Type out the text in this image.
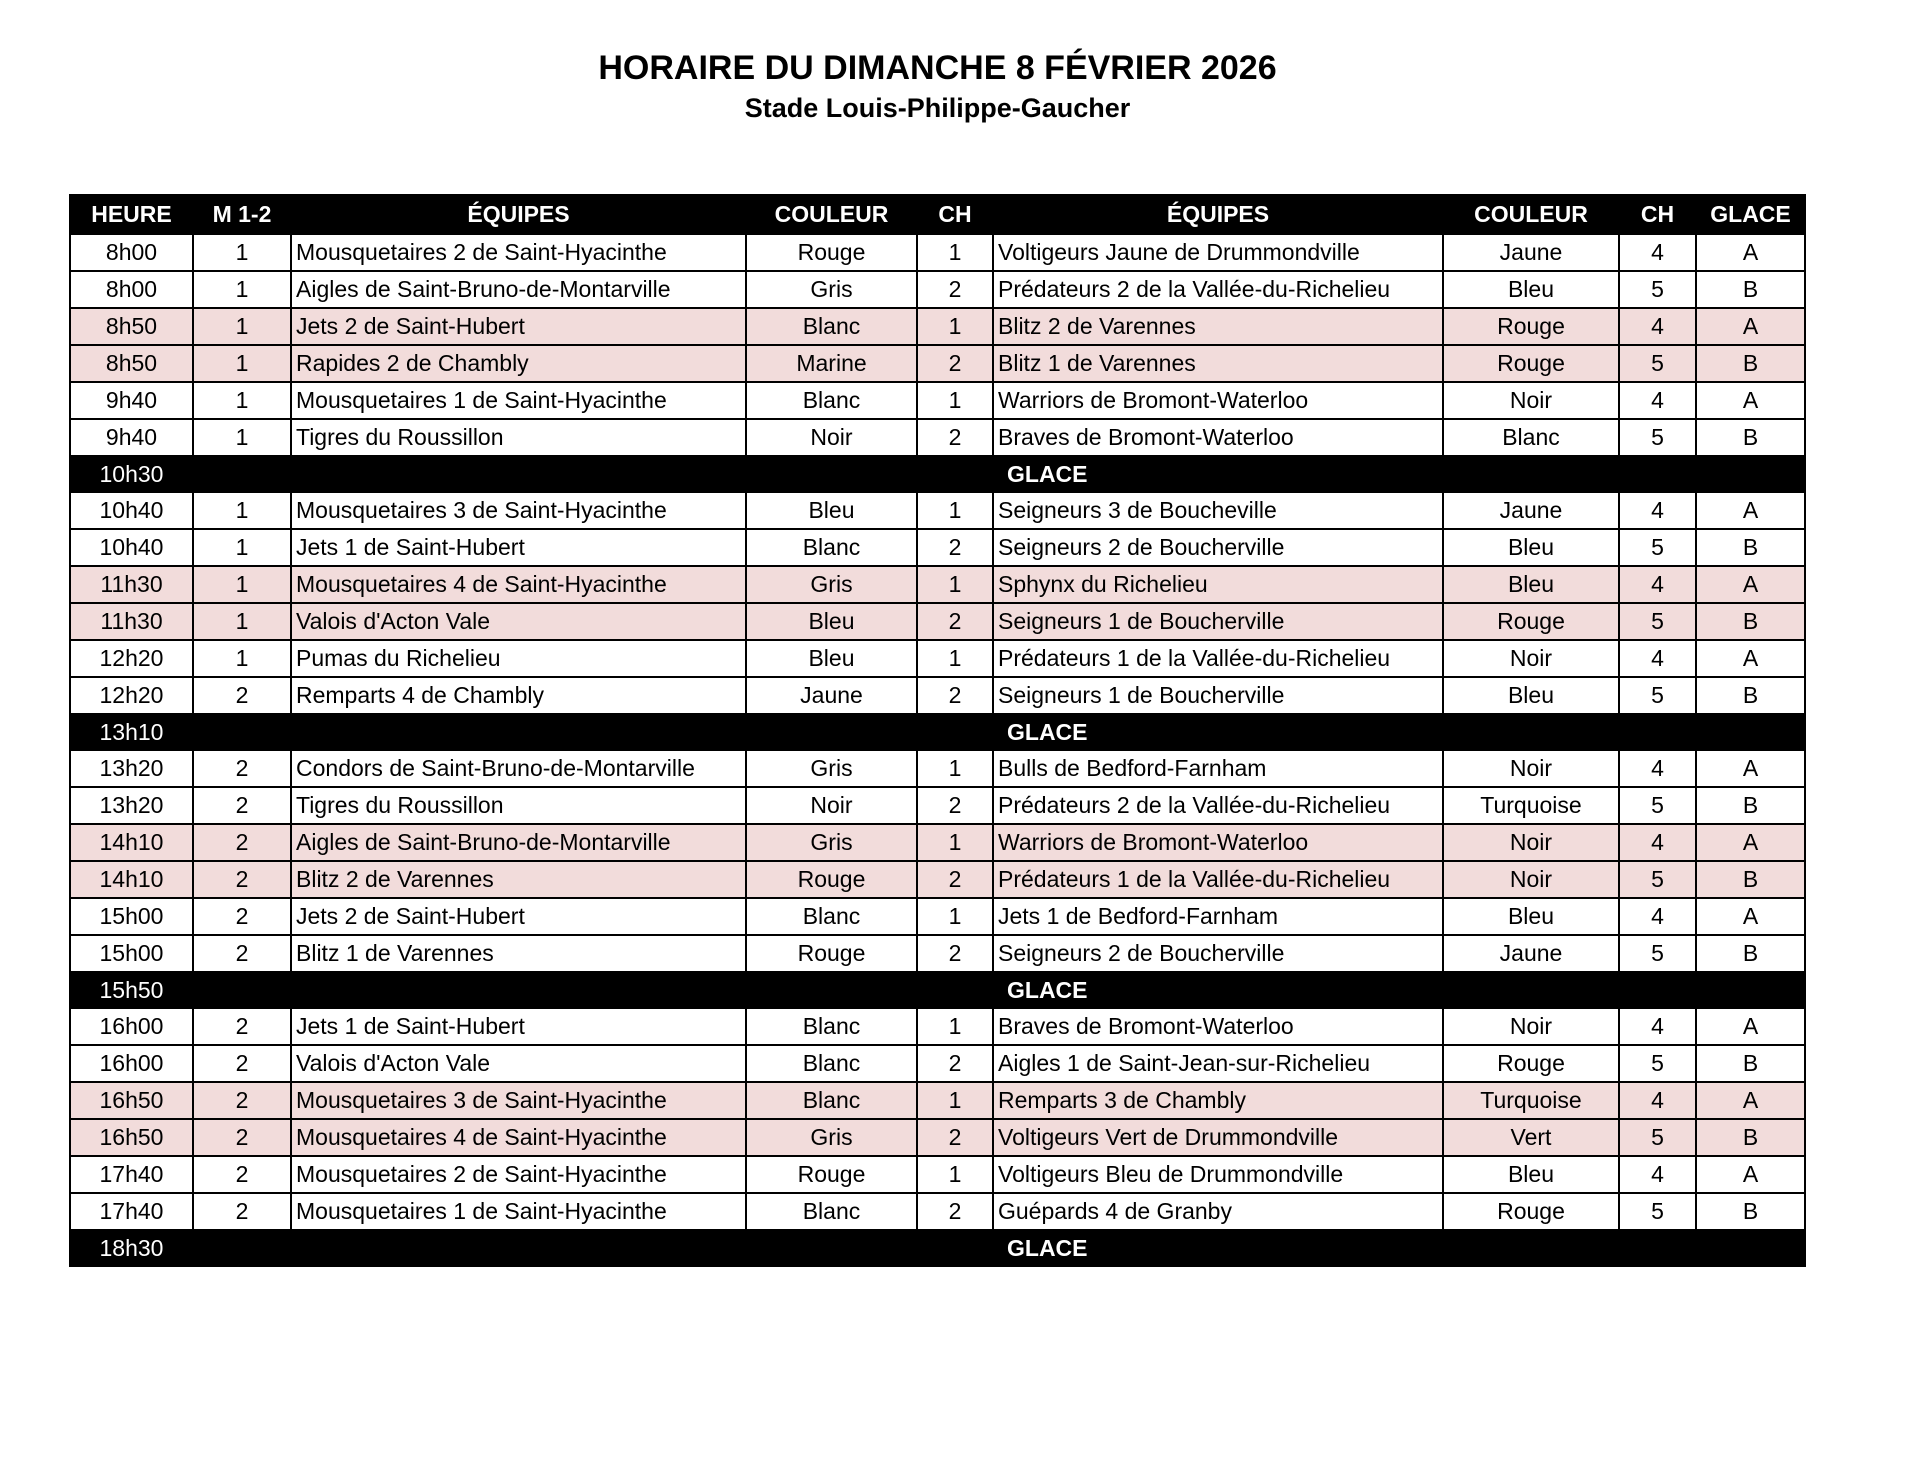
HORAIRE DU DIMANCHE 8 FÉVRIER 2026
Stade Louis-Philippe-Gaucher
HEURE	M 1-2	ÉQUIPES	COULEUR	CH	ÉQUIPES	COULEUR	CH	GLACE
8h00	1	Mousquetaires 2 de Saint-Hyacinthe	Rouge	1	Voltigeurs Jaune de Drummondville	Jaune	4	A
8h00	1	Aigles de Saint-Bruno-de-Montarville	Gris	2	Prédateurs 2 de la Vallée-du-Richelieu	Bleu	5	B
8h50	1	Jets 2 de Saint-Hubert	Blanc	1	Blitz 2 de Varennes	Rouge	4	A
8h50	1	Rapides 2 de Chambly	Marine	2	Blitz 1 de Varennes	Rouge	5	B
9h40	1	Mousquetaires 1 de Saint-Hyacinthe	Blanc	1	Warriors de Bromont-Waterloo	Noir	4	A
9h40	1	Tigres du Roussillon	Noir	2	Braves de Bromont-Waterloo	Blanc	5	B
10h30					GLACE			
10h40	1	Mousquetaires 3 de Saint-Hyacinthe	Bleu	1	Seigneurs 3 de Boucheville	Jaune	4	A
10h40	1	Jets 1 de Saint-Hubert	Blanc	2	Seigneurs 2 de Boucherville	Bleu	5	B
11h30	1	Mousquetaires 4 de Saint-Hyacinthe	Gris	1	Sphynx du Richelieu	Bleu	4	A
11h30	1	Valois d'Acton Vale	Bleu	2	Seigneurs 1 de Boucherville	Rouge	5	B
12h20	1	Pumas du Richelieu	Bleu	1	Prédateurs 1 de la Vallée-du-Richelieu	Noir	4	A
12h20	2	Remparts 4 de Chambly	Jaune	2	Seigneurs 1 de Boucherville	Bleu	5	B
13h10					GLACE			
13h20	2	Condors de Saint-Bruno-de-Montarville	Gris	1	Bulls de Bedford-Farnham	Noir	4	A
13h20	2	Tigres du Roussillon	Noir	2	Prédateurs 2 de la Vallée-du-Richelieu	Turquoise	5	B
14h10	2	Aigles de Saint-Bruno-de-Montarville	Gris	1	Warriors de Bromont-Waterloo	Noir	4	A
14h10	2	Blitz 2 de Varennes	Rouge	2	Prédateurs 1 de la Vallée-du-Richelieu	Noir	5	B
15h00	2	Jets 2 de Saint-Hubert	Blanc	1	Jets 1 de Bedford-Farnham	Bleu	4	A
15h00	2	Blitz 1 de Varennes	Rouge	2	Seigneurs 2 de Boucherville	Jaune	5	B
15h50					GLACE			
16h00	2	Jets 1 de Saint-Hubert	Blanc	1	Braves de Bromont-Waterloo	Noir	4	A
16h00	2	Valois d'Acton Vale	Blanc	2	Aigles 1 de Saint-Jean-sur-Richelieu	Rouge	5	B
16h50	2	Mousquetaires 3 de Saint-Hyacinthe	Blanc	1	Remparts 3 de Chambly	Turquoise	4	A
16h50	2	Mousquetaires 4 de Saint-Hyacinthe	Gris	2	Voltigeurs Vert de Drummondville	Vert	5	B
17h40	2	Mousquetaires 2 de Saint-Hyacinthe	Rouge	1	Voltigeurs Bleu de Drummondville	Bleu	4	A
17h40	2	Mousquetaires 1 de Saint-Hyacinthe	Blanc	2	Guépards 4 de Granby	Rouge	5	B
18h30					GLACE			
